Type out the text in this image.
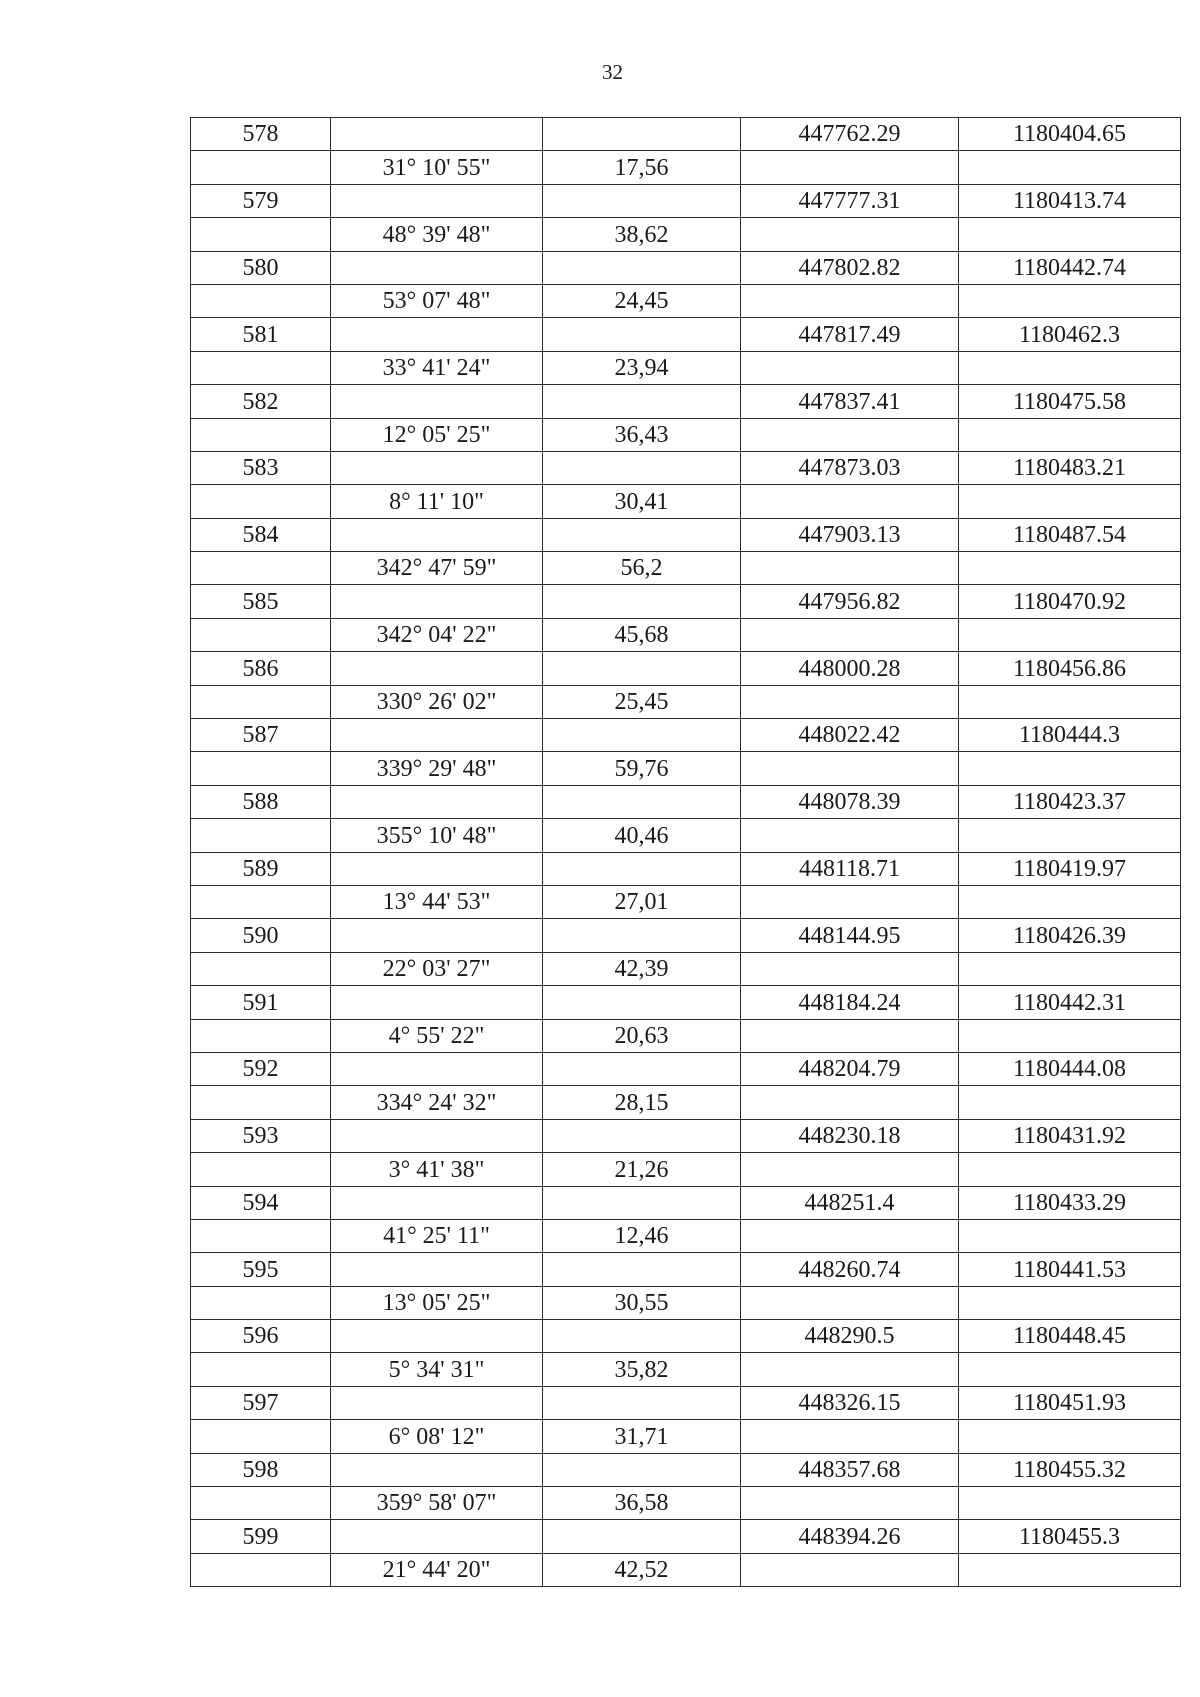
32
578			447762.29	1180404.65
	31° 10' 55"	17,56		
579			447777.31	1180413.74
	48° 39' 48"	38,62		
580			447802.82	1180442.74
	53° 07' 48"	24,45		
581			447817.49	1180462.3
	33° 41' 24"	23,94		
582			447837.41	1180475.58
	12° 05' 25"	36,43		
583			447873.03	1180483.21
	8° 11' 10"	30,41		
584			447903.13	1180487.54
	342° 47' 59"	56,2		
585			447956.82	1180470.92
	342° 04' 22"	45,68		
586			448000.28	1180456.86
	330° 26' 02"	25,45		
587			448022.42	1180444.3
	339° 29' 48"	59,76		
588			448078.39	1180423.37
	355° 10' 48"	40,46		
589			448118.71	1180419.97
	13° 44' 53"	27,01		
590			448144.95	1180426.39
	22° 03' 27"	42,39		
591			448184.24	1180442.31
	4° 55' 22"	20,63		
592			448204.79	1180444.08
	334° 24' 32"	28,15		
593			448230.18	1180431.92
	3° 41' 38"	21,26		
594			448251.4	1180433.29
	41° 25' 11"	12,46		
595			448260.74	1180441.53
	13° 05' 25"	30,55		
596			448290.5	1180448.45
	5° 34' 31"	35,82		
597			448326.15	1180451.93
	6° 08' 12"	31,71		
598			448357.68	1180455.32
	359° 58' 07"	36,58		
599			448394.26	1180455.3
	21° 44' 20"	42,52		
